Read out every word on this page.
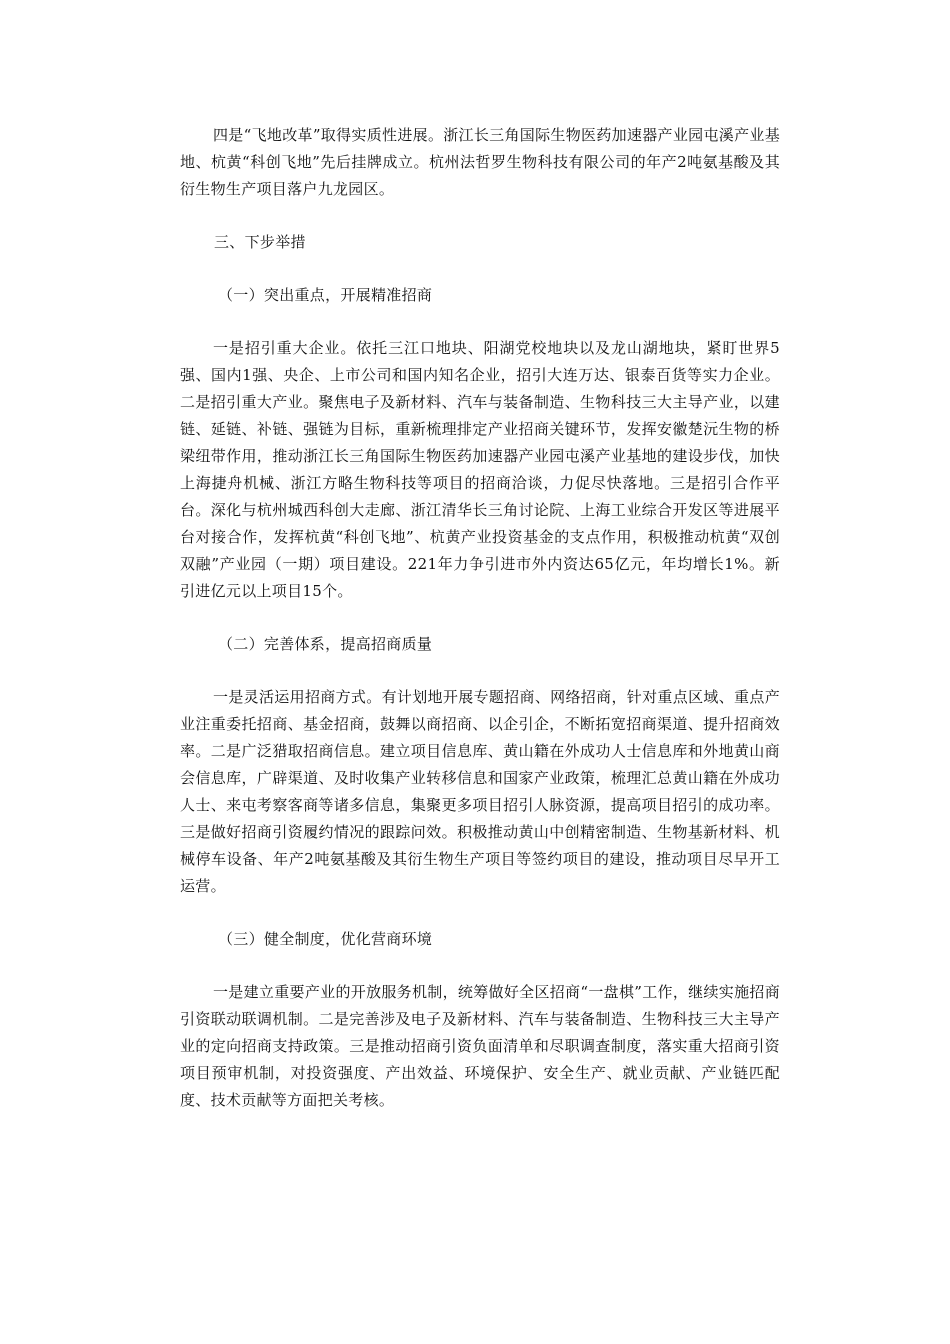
四是“飞地改革”取得实质性进展。浙江长三角国际生物医药加速器产业园屯溪产业基地、杭黄“科创飞地”先后挂牌成立。杭州法哲罗生物科技有限公司的年产2吨氨基酸及其衍生物生产项目落户九龙园区。

三、下步举措

（一）突出重点，开展精准招商

一是招引重大企业。依托三江口地块、阳湖党校地块以及龙山湖地块，紧盯世界5强、国内1强、央企、上市公司和国内知名企业，招引大连万达、银泰百货等实力企业。二是招引重大产业。聚焦电子及新材料、汽车与装备制造、生物科技三大主导产业，以建链、延链、补链、强链为目标，重新梳理排定产业招商关键环节，发挥安徽楚沅生物的桥梁纽带作用，推动浙江长三角国际生物医药加速器产业园屯溪产业基地的建设步伐，加快上海捷舟机械、浙江方略生物科技等项目的招商洽谈，力促尽快落地。三是招引合作平台。深化与杭州城西科创大走廊、浙江清华长三角讨论院、上海工业综合开发区等进展平台对接合作，发挥杭黄“科创飞地”、杭黄产业投资基金的支点作用，积极推动杭黄“双创双融”产业园（一期）项目建设。221年力争引进市外内资达65亿元，年均增长1%。新引进亿元以上项目15个。

（二）完善体系，提高招商质量

一是灵活运用招商方式。有计划地开展专题招商、网络招商，针对重点区域、重点产业注重委托招商、基金招商，鼓舞以商招商、以企引企，不断拓宽招商渠道、提升招商效率。二是广泛猎取招商信息。建立项目信息库、黄山籍在外成功人士信息库和外地黄山商会信息库，广辟渠道、及时收集产业转移信息和国家产业政策，梳理汇总黄山籍在外成功人士、来屯考察客商等诸多信息，集聚更多项目招引人脉资源，提高项目招引的成功率。三是做好招商引资履约情况的跟踪问效。积极推动黄山中创精密制造、生物基新材料、机械停车设备、年产2吨氨基酸及其衍生物生产项目等签约项目的建设，推动项目尽早开工运营。

（三）健全制度，优化营商环境

一是建立重要产业的开放服务机制，统筹做好全区招商“一盘棋”工作，继续实施招商引资联动联调机制。二是完善涉及电子及新材料、汽车与装备制造、生物科技三大主导产业的定向招商支持政策。三是推动招商引资负面清单和尽职调查制度，落实重大招商引资项目预审机制，对投资强度、产出效益、环境保护、安全生产、就业贡献、产业链匹配度、技术贡献等方面把关考核。
